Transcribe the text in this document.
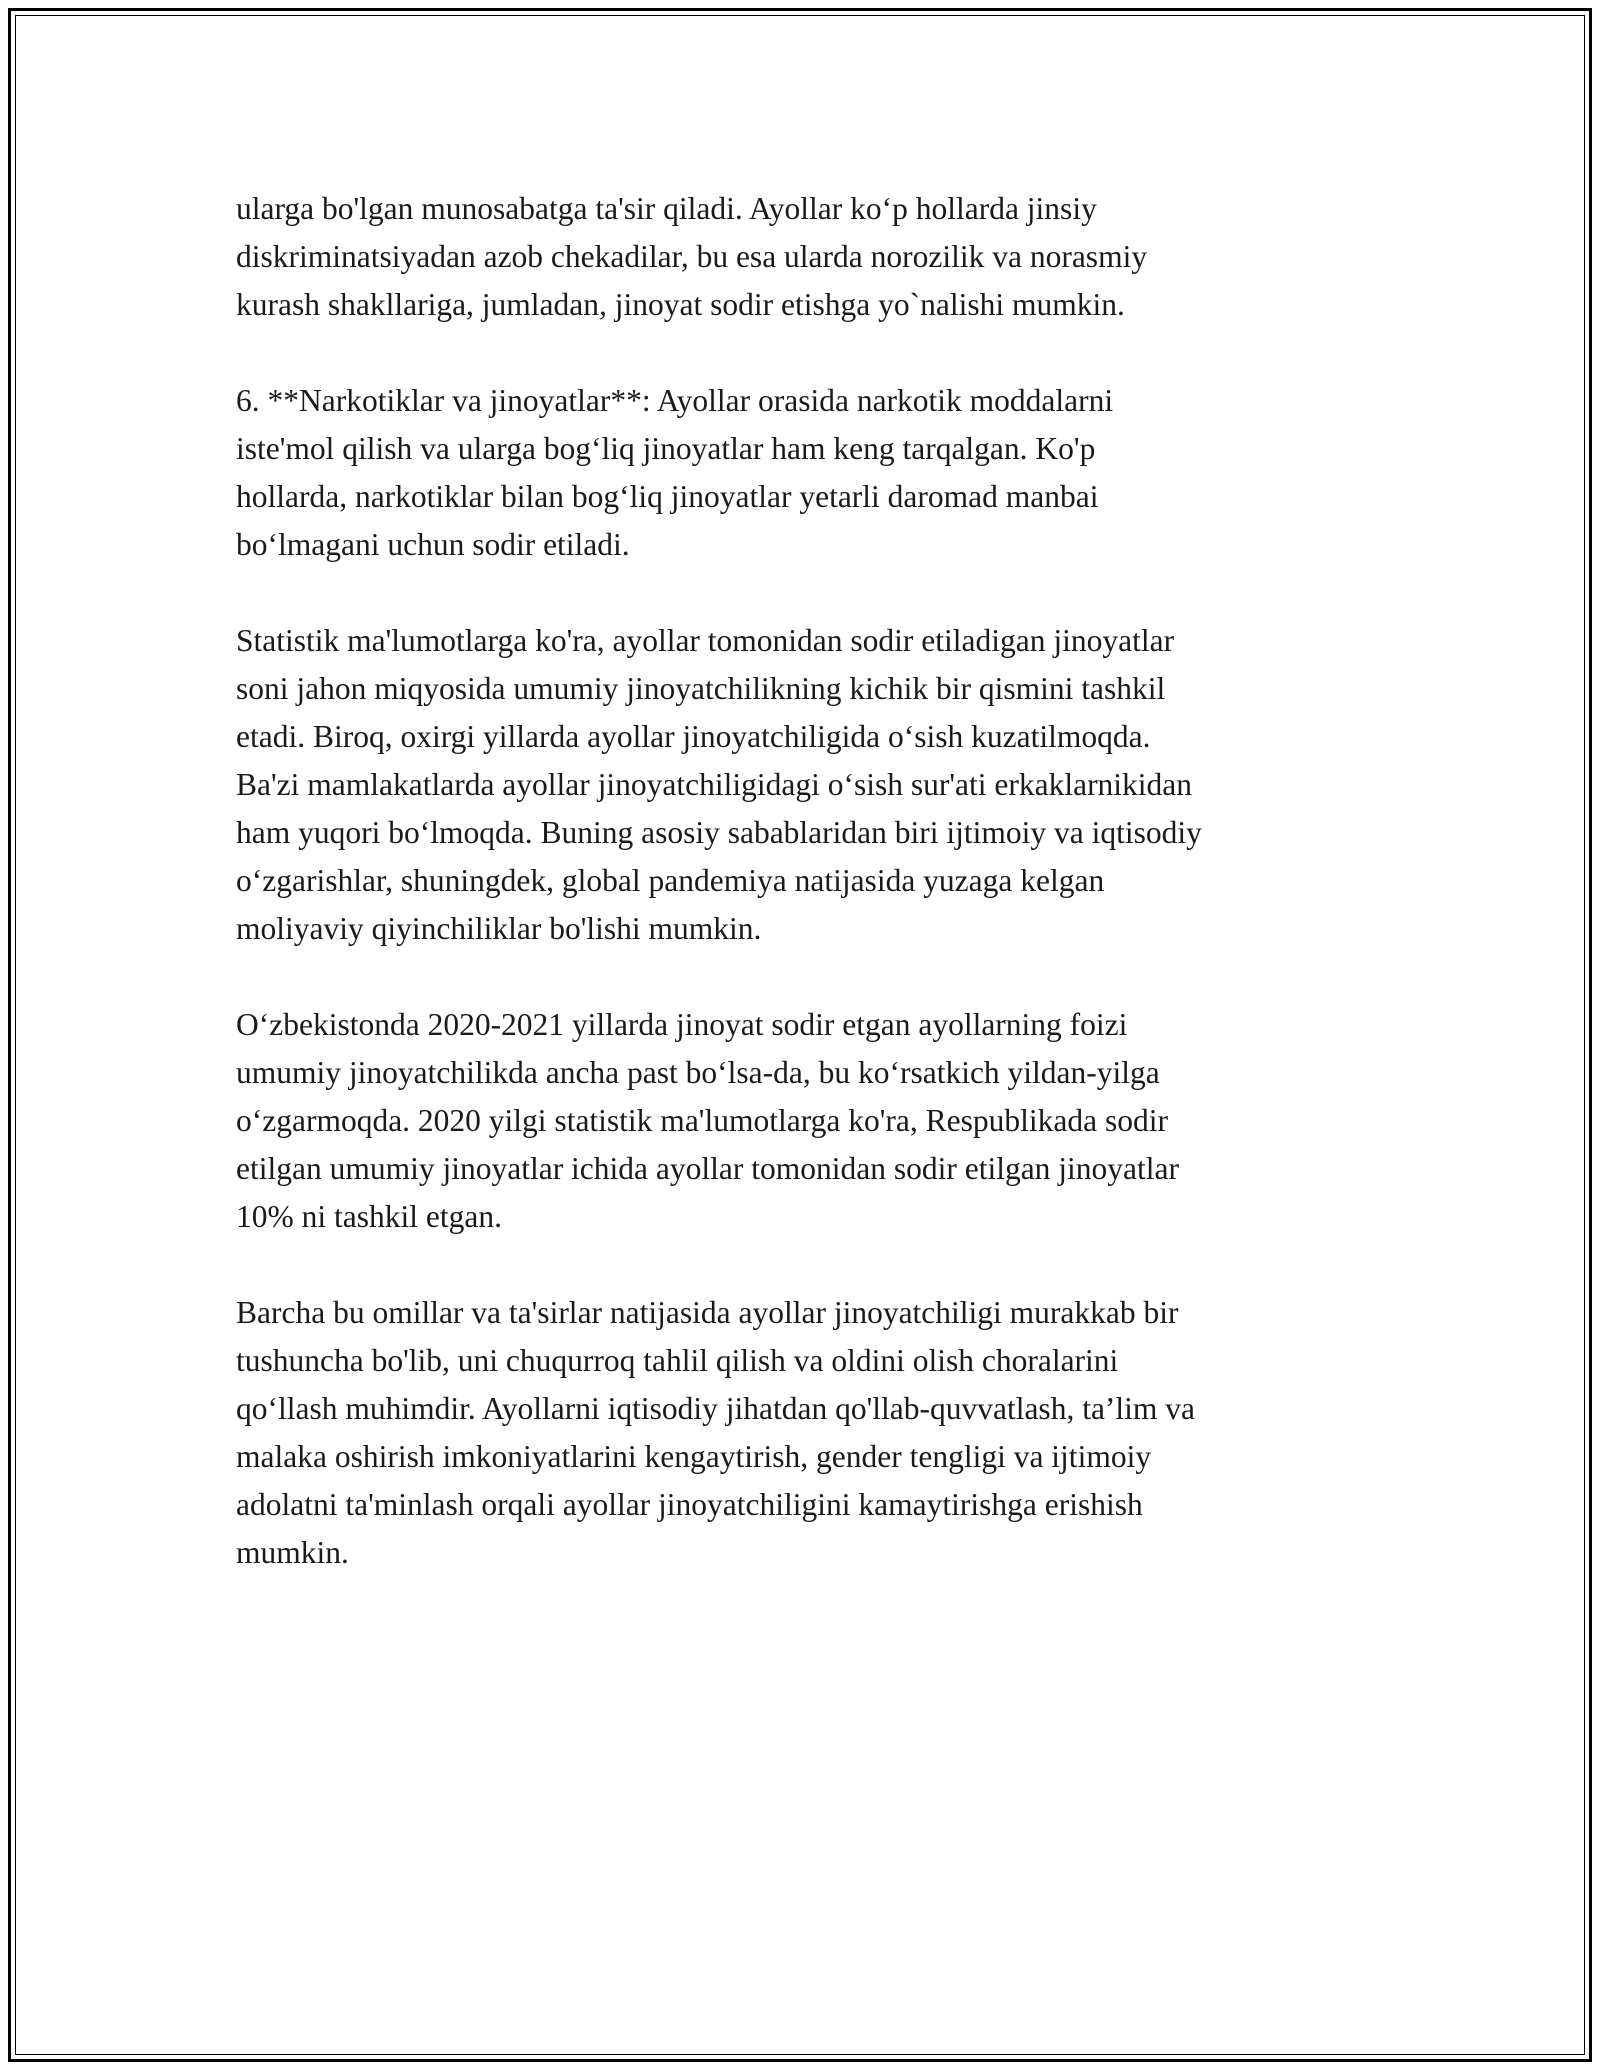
ularga bo'lgan munosabatga ta'sir qiladi. Ayollar ko‘p hollarda jinsiy
diskriminatsiyadan azob chekadilar, bu esa ularda norozilik va norasmiy
kurash shakllariga, jumladan, jinoyat sodir etishga yo`nalishi mumkin.

6. **Narkotiklar va jinoyatlar**: Ayollar orasida narkotik moddalarni
iste'mol qilish va ularga bog‘liq jinoyatlar ham keng tarqalgan. Ko'p
hollarda, narkotiklar bilan bog‘liq jinoyatlar yetarli daromad manbai
bo‘lmagani uchun sodir etiladi.

Statistik ma'lumotlarga ko'ra, ayollar tomonidan sodir etiladigan jinoyatlar
soni jahon miqyosida umumiy jinoyatchilikning kichik bir qismini tashkil
etadi. Biroq, oxirgi yillarda ayollar jinoyatchiligida o‘sish kuzatilmoqda.
Ba'zi mamlakatlarda ayollar jinoyatchiligidagi o‘sish sur'ati erkaklarnikidan
ham yuqori bo‘lmoqda. Buning asosiy sabablaridan biri ijtimoiy va iqtisodiy
o‘zgarishlar, shuningdek, global pandemiya natijasida yuzaga kelgan
moliyaviy qiyinchiliklar bo'lishi mumkin.

O‘zbekistonda 2020-2021 yillarda jinoyat sodir etgan ayollarning foizi
umumiy jinoyatchilikda ancha past bo‘lsa-da, bu ko‘rsatkich yildan-yilga
o‘zgarmoqda. 2020 yilgi statistik ma'lumotlarga ko'ra, Respublikada sodir
etilgan umumiy jinoyatlar ichida ayollar tomonidan sodir etilgan jinoyatlar
10% ni tashkil etgan.

Barcha bu omillar va ta'sirlar natijasida ayollar jinoyatchiligi murakkab bir
tushuncha bo'lib, uni chuqurroq tahlil qilish va oldini olish choralarini
qo‘llash muhimdir. Ayollarni iqtisodiy jihatdan qo'llab-quvvatlash, ta’lim va
malaka oshirish imkoniyatlarini kengaytirish, gender tengligi va ijtimoiy
adolatni ta'minlash orqali ayollar jinoyatchiligini kamaytirishga erishish
mumkin.
